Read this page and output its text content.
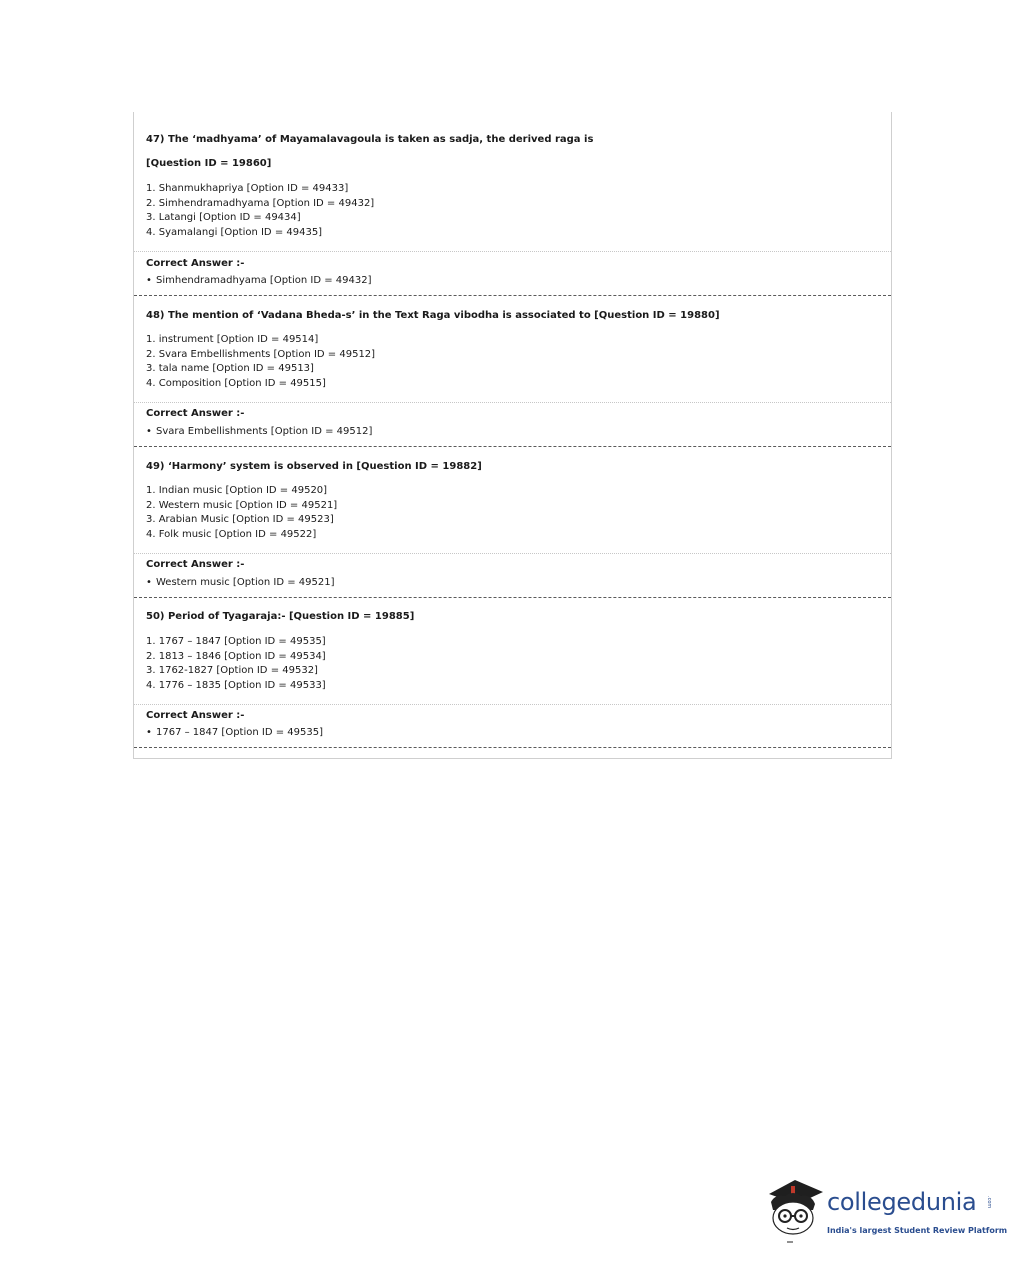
47) The ‘madhyama’ of Mayamalavagoula is taken as sadja, the derived raga is
[Question ID = 19860]
1. Shanmukhapriya [Option ID = 49433]
2. Simhendramadhyama [Option ID = 49432]
3. Latangi [Option ID = 49434]
4. Syamalangi [Option ID = 49435]
Correct Answer :-
• Simhendramadhyama [Option ID = 49432]
48) The mention of ‘Vadana Bheda-s’ in the Text Raga vibodha is associated to [Question ID = 19880]
1. instrument [Option ID = 49514]
2. Svara Embellishments [Option ID = 49512]
3. tala name [Option ID = 49513]
4. Composition [Option ID = 49515]
Correct Answer :-
• Svara Embellishments [Option ID = 49512]
49) ‘Harmony’ system is observed in [Question ID = 19882]
1. Indian music [Option ID = 49520]
2. Western music [Option ID = 49521]
3. Arabian Music [Option ID = 49523]
4. Folk music [Option ID = 49522]
Correct Answer :-
• Western music [Option ID = 49521]
50) Period of Tyagaraja:- [Question ID = 19885]
1. 1767 – 1847 [Option ID = 49535]
2. 1813 – 1846 [Option ID = 49534]
3. 1762-1827 [Option ID = 49532]
4. 1776 – 1835 [Option ID = 49533]
Correct Answer :-
• 1767 – 1847 [Option ID = 49535]
collegedunia .com
India's largest Student Review Platform
